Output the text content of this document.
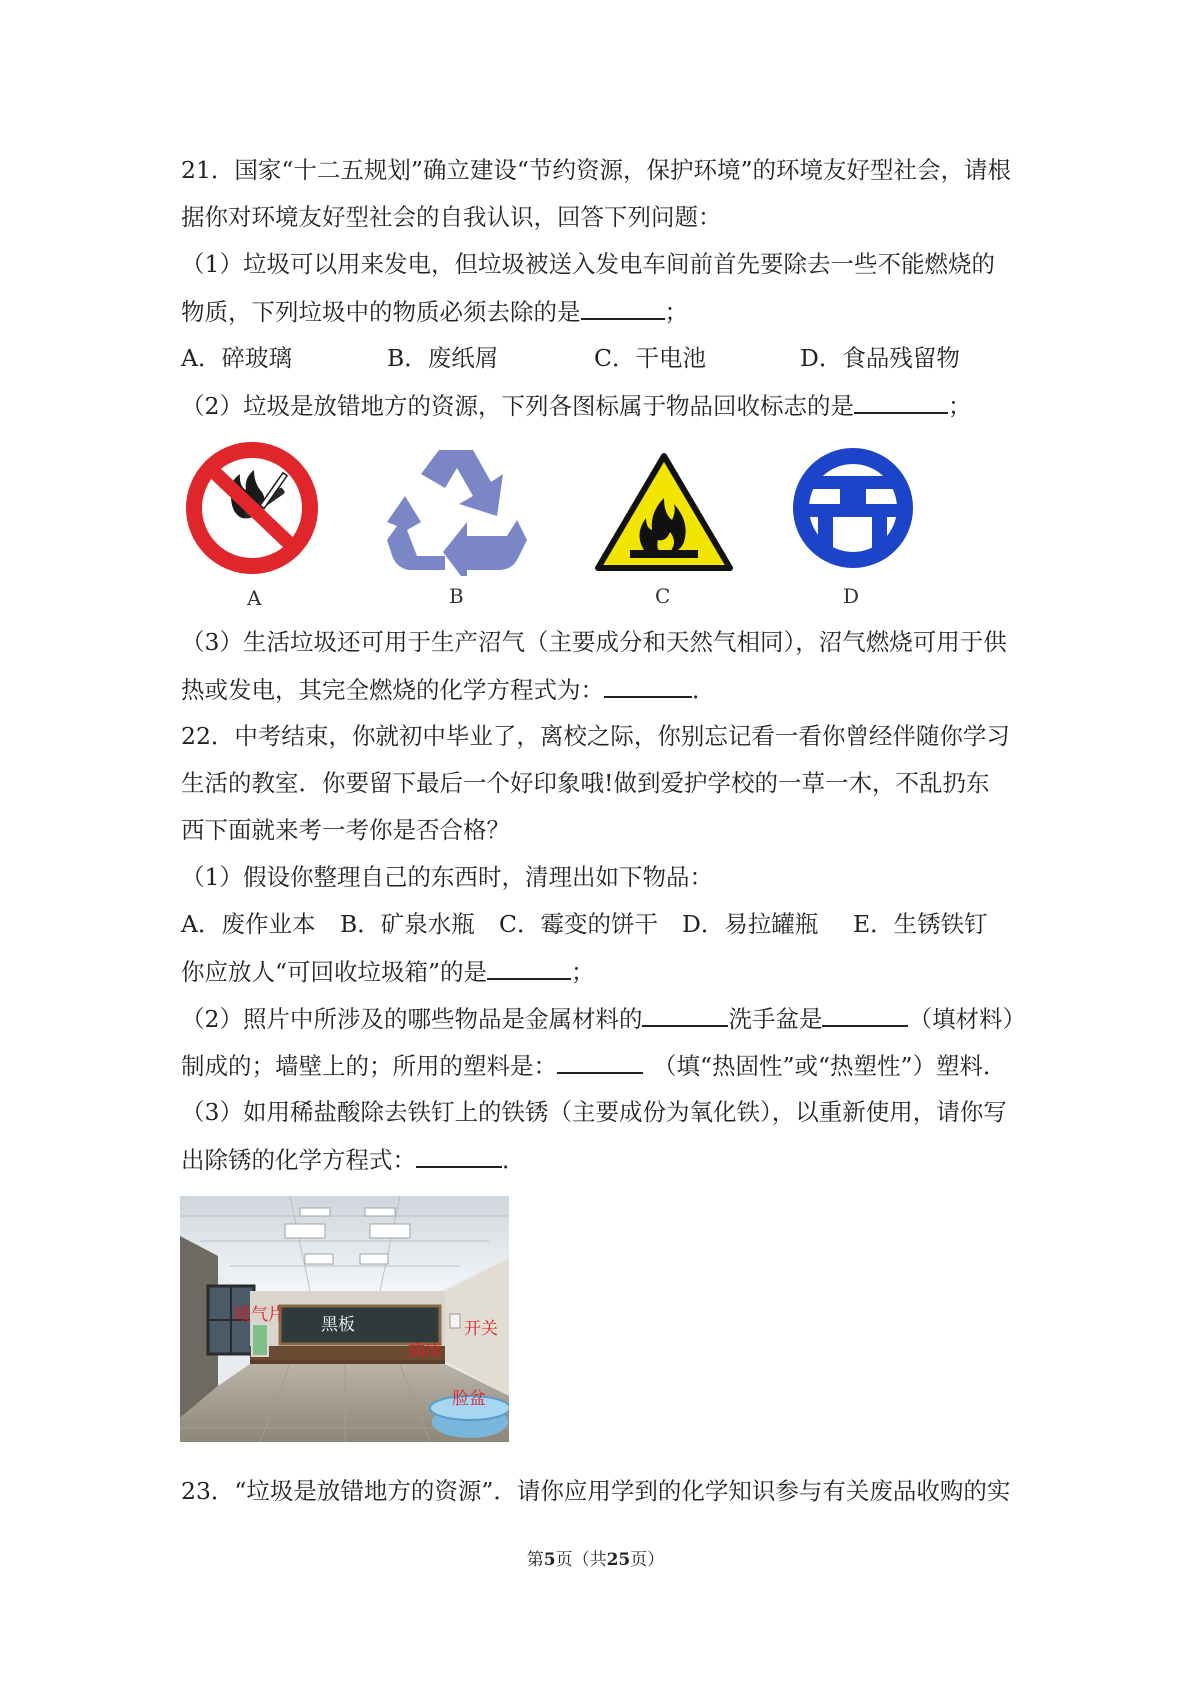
21．国家“十二五规划”确立建设“节约资源，保护环境”的环境友好型社会，请根
据你对环境友好型社会的自我认识，回答下列问题：
（1）垃圾可以用来发电，但垃圾被送入发电车间前首先要除去一些不能燃烧的
物质，下列垃圾中的物质必须去除的是	；
A．碎玻璃	B．废纸屑	C．干电池	D．食品残留物
（2）垃圾是放错地方的资源，下列各图标属于物品回收标志的是	；
A	B	C	D
（3）生活垃圾还可用于生产沼气（主要成分和天然气相同），沼气燃烧可用于供
热或发电，其完全燃烧的化学方程式为：	．
22．中考结束，你就初中毕业了，离校之际，你别忘记看一看你曾经伴随你学习
生活的教室．你要留下最后一个好印象哦!做到爱护学校的一草一木，不乱扔东
西下面就来考一考你是否合格？
（1）假设你整理自己的东西时，清理出如下物品：
A．废作业本	B．矿泉水瓶	C．霉变的饼干	D．易拉罐瓶	E．生锈铁钉
你应放人“可回收垃圾箱”的是	；
（2）照片中所涉及的哪些物品是金属材料的	洗手盆是	（填材料）
制成的；墙壁上的；所用的塑料是：	（填“热固性”或“热塑性”）塑料．
（3）如用稀盐酸除去铁钉上的铁锈（主要成份为氧化铁），以重新使用，请你写
出除锈的化学方程式：	．
暖气片 黑板	开关
插座
脸盆
23．“垃圾是放错地方的资源”．请你应用学到的化学知识参与有关废品收购的实
第5页（共25页）
